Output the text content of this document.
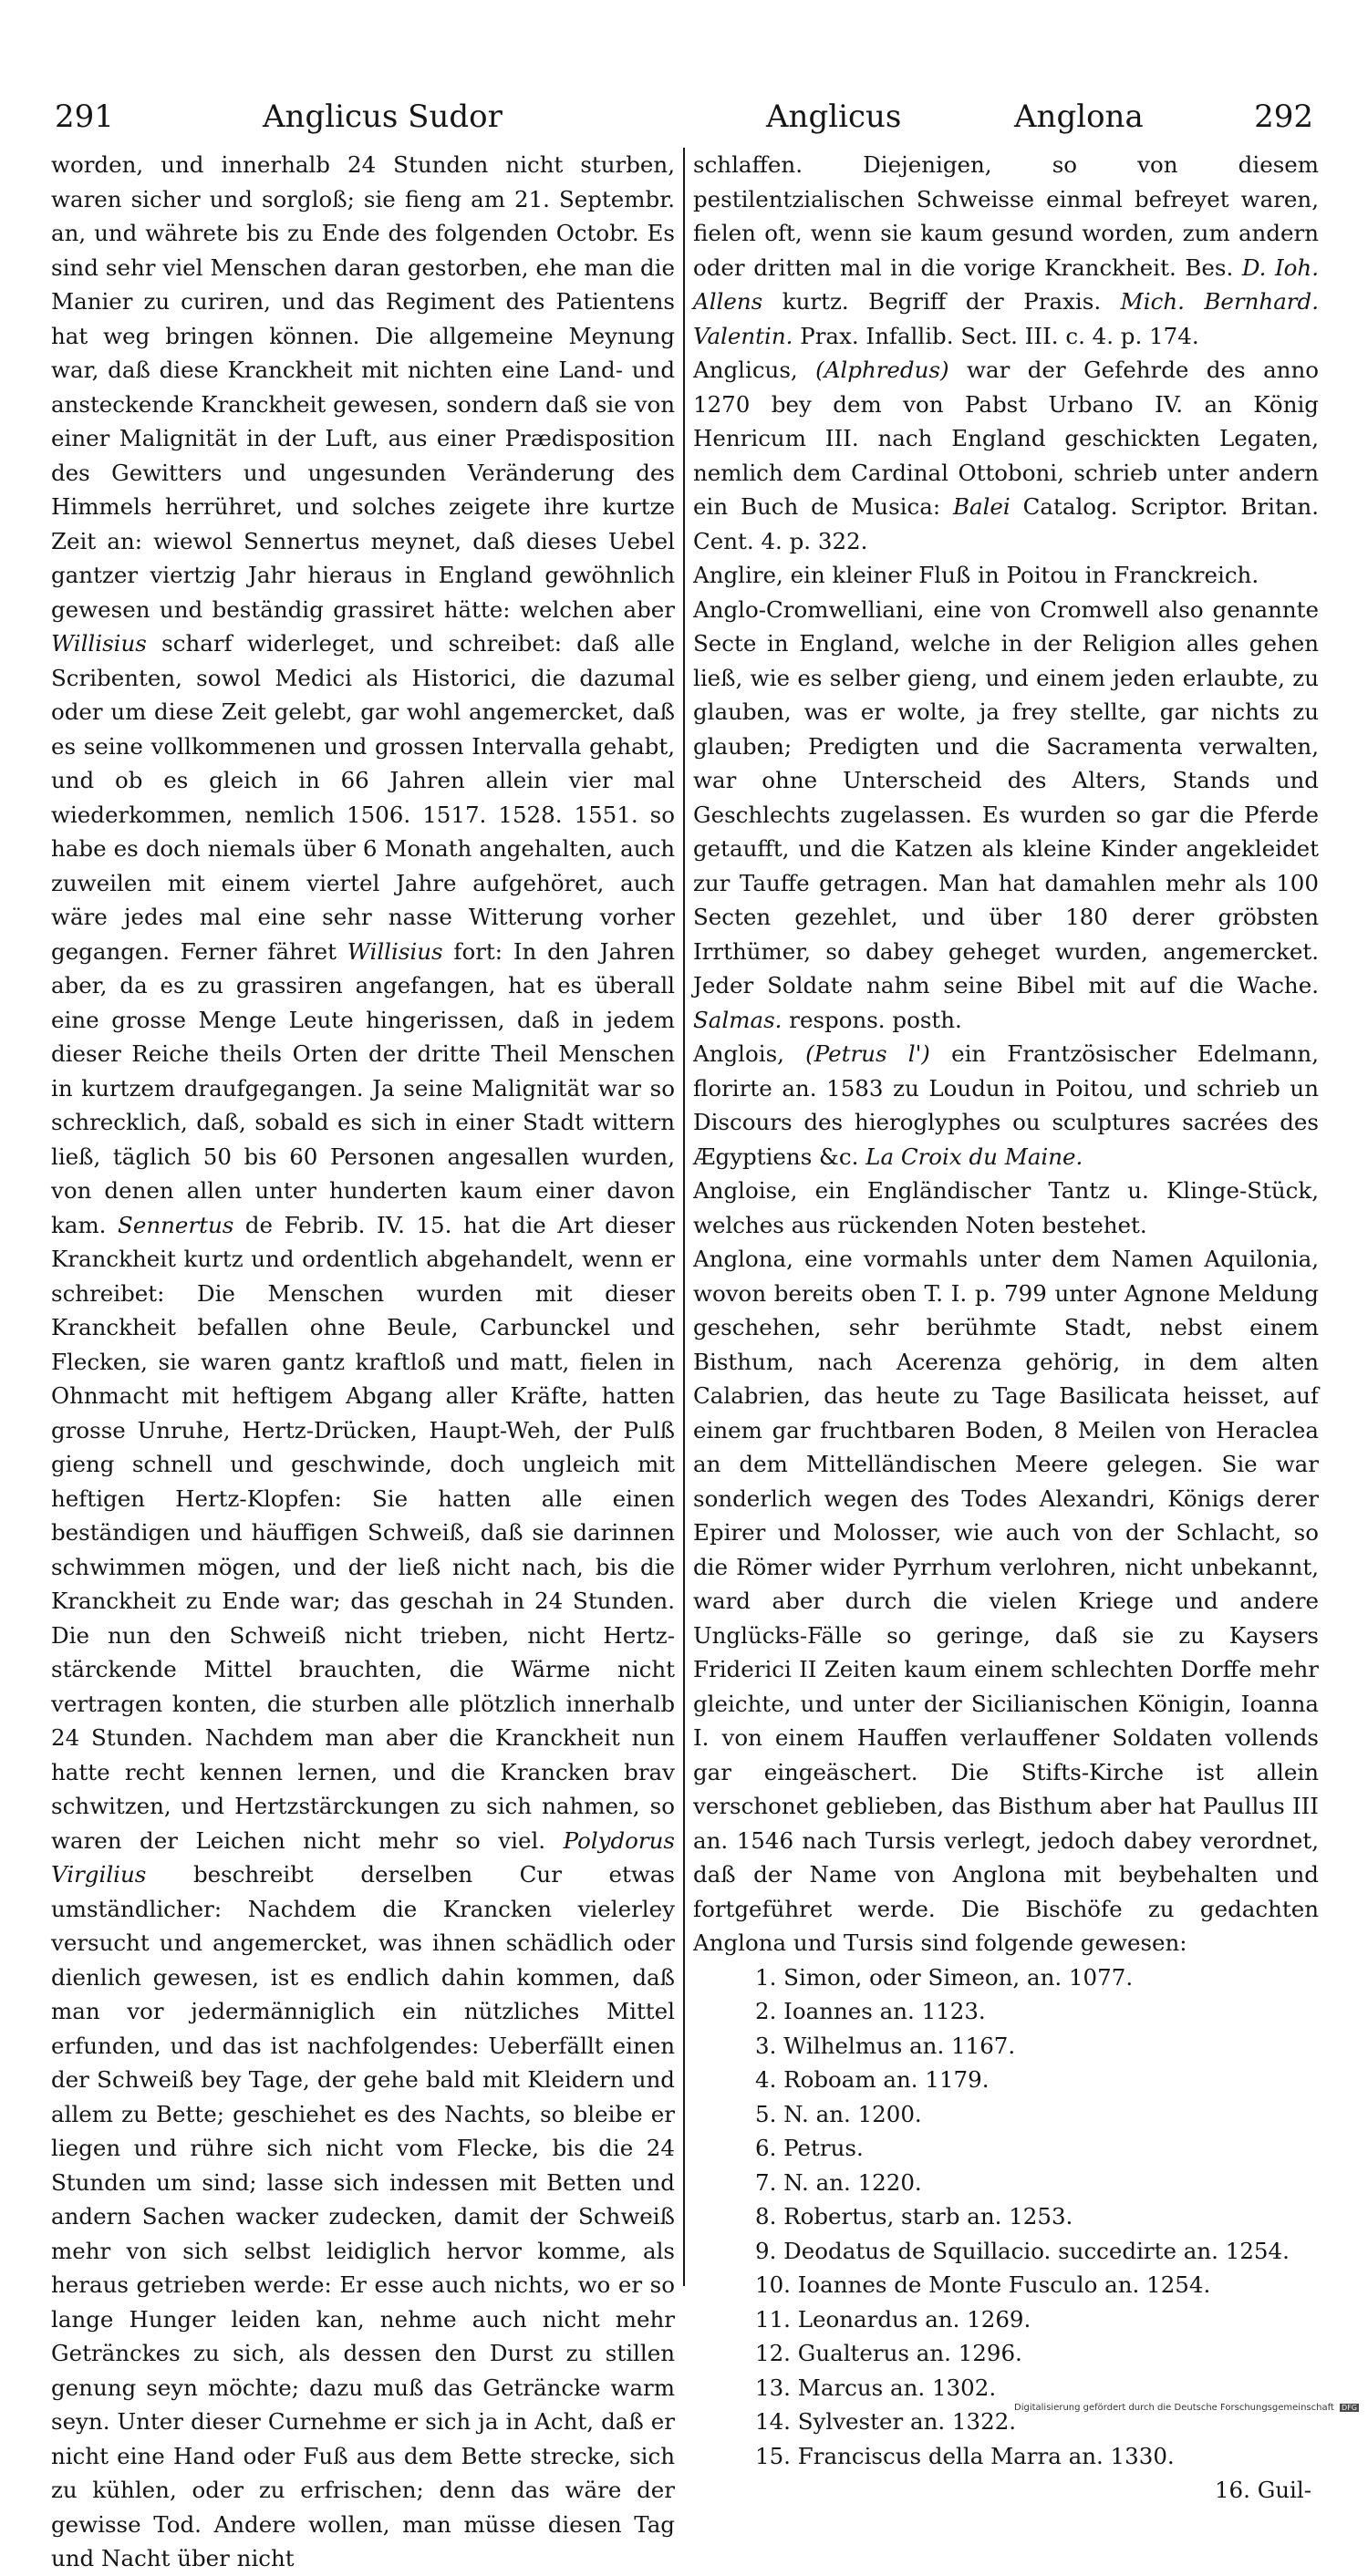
291	Anglicus Sudor	Anglicus	Anglona	292
worden, und innerhalb 24 Stunden nicht sturben, waren sicher und sorgloß; sie fieng am 21. Septembr. an, und währete bis zu Ende des folgenden Octobr. Es sind sehr viel Menschen daran gestorben, ehe man die Manier zu curiren, und das Regiment des Patientens hat weg bringen können. Die allgemeine Meynung war, daß diese Kranckheit mit nichten eine Land- und ansteckende Kranckheit gewesen, sondern daß sie von einer Malignität in der Luft, aus einer Prædisposition des Gewitters und ungesunden Veränderung des Himmels herrühret, und solches zeigete ihre kurtze Zeit an: wiewol Sennertus meynet, daß dieses Uebel gantzer viertzig Jahr hieraus in England gewöhnlich gewesen und beständig grassiret hätte: welchen aber Willisius scharf widerleget, und schreibet: daß alle Scribenten, sowol Medici als Historici, die dazumal oder um diese Zeit gelebt, gar wohl angemercket, daß es seine vollkommenen und grossen Intervalla gehabt, und ob es gleich in 66 Jahren allein vier mal wiederkommen, nemlich 1506. 1517. 1528. 1551. so habe es doch niemals über 6 Monath angehalten, auch zuweilen mit einem viertel Jahre aufgehöret, auch wäre jedes mal eine sehr nasse Witterung vorher gegangen. Ferner fähret Willisius fort: In den Jahren aber, da es zu grassiren angefangen, hat es überall eine grosse Menge Leute hingerissen, daß in jedem dieser Reiche theils Orten der dritte Theil Menschen in kurtzem draufgegangen. Ja seine Malignität war so schrecklich, daß, sobald es sich in einer Stadt wittern ließ, täglich 50 bis 60 Personen angesallen wurden, von denen allen unter hunderten kaum einer davon kam. Sennertus de Febrib. IV. 15. hat die Art dieser Kranckheit kurtz und ordentlich abgehandelt, wenn er schreibet: Die Menschen wurden mit dieser Kranckheit befallen ohne Beule, Carbunckel und Flecken, sie waren gantz kraftloß und matt, fielen in Ohnmacht mit heftigem Abgang aller Kräfte, hatten grosse Unruhe, Hertz-Drücken, Haupt-Weh, der Pulß gieng schnell und geschwinde, doch ungleich mit heftigen Hertz-Klopfen: Sie hatten alle einen beständigen und häuffigen Schweiß, daß sie darinnen schwimmen mögen, und der ließ nicht nach, bis die Kranckheit zu Ende war; das geschah in 24 Stunden. Die nun den Schweiß nicht trieben, nicht Hertz-stärckende Mittel brauchten, die Wärme nicht vertragen konten, die sturben alle plötzlich innerhalb 24 Stunden. Nachdem man aber die Kranckheit nun hatte recht kennen lernen, und die Krancken brav schwitzen, und Hertzstärckungen zu sich nahmen, so waren der Leichen nicht mehr so viel. Polydorus Virgilius beschreibt derselben Cur etwas umständlicher: Nachdem die Krancken vielerley versucht und angemercket, was ihnen schädlich oder dienlich gewesen, ist es endlich dahin kommen, daß man vor jedermänniglich ein nützliches Mittel erfunden, und das ist nachfolgendes: Ueberfällt einen der Schweiß bey Tage, der gehe bald mit Kleidern und allem zu Bette; geschiehet es des Nachts, so bleibe er liegen und rühre sich nicht vom Flecke, bis die 24 Stunden um sind; lasse sich indessen mit Betten und andern Sachen wacker zudecken, damit der Schweiß mehr von sich selbst leidiglich hervor komme, als heraus getrieben werde: Er esse auch nichts, wo er so lange Hunger leiden kan, nehme auch nicht mehr Getränckes zu sich, als dessen den Durst zu stillen genung seyn möchte; dazu muß das Geträncke warm seyn. Unter dieser Curnehme er sich ja in Acht, daß er nicht eine Hand oder Fuß aus dem Bette strecke, sich zu kühlen, oder zu erfrischen; denn das wäre der gewisse Tod. Andere wollen, man müsse diesen Tag und Nacht über nicht
schlaffen. Diejenigen, so von diesem pestilentzialischen Schweisse einmal befreyet waren, fielen oft, wenn sie kaum gesund worden, zum andern oder dritten mal in die vorige Kranckheit. Bes. D. Ioh. Allens kurtz. Begriff der Praxis. Mich. Bernhard. Valentin. Prax. Infallib. Sect. III. c. 4. p. 174.
Anglicus, (Alphredus) war der Gefehrde des anno 1270 bey dem von Pabst Urbano IV. an König Henricum III. nach England geschickten Legaten, nemlich dem Cardinal Ottoboni, schrieb unter andern ein Buch de Musica: Balei Catalog. Scriptor. Britan. Cent. 4. p. 322.
Anglire, ein kleiner Fluß in Poitou in Franckreich.
Anglo-Cromwelliani, eine von Cromwell also genannte Secte in England, welche in der Religion alles gehen ließ, wie es selber gieng, und einem jeden erlaubte, zu glauben, was er wolte, ja frey stellte, gar nichts zu glauben; Predigten und die Sacramenta verwalten, war ohne Unterscheid des Alters, Stands und Geschlechts zugelassen. Es wurden so gar die Pferde getaufft, und die Katzen als kleine Kinder angekleidet zur Tauffe getragen. Man hat damahlen mehr als 100 Secten gezehlet, und über 180 derer gröbsten Irrthümer, so dabey geheget wurden, angemercket. Jeder Soldate nahm seine Bibel mit auf die Wache. Salmas. respons. posth.
Anglois, (Petrus l') ein Frantzösischer Edelmann, florirte an. 1583 zu Loudun in Poitou, und schrieb un Discours des hieroglyphes ou sculptures sacrées des Ægyptiens &c. La Croix du Maine.
Angloise, ein Engländischer Tantz u. Klinge-Stück, welches aus rückenden Noten bestehet.
Anglona, eine vormahls unter dem Namen Aquilonia, wovon bereits oben T. I. p. 799 unter Agnone Meldung geschehen, sehr berühmte Stadt, nebst einem Bisthum, nach Acerenza gehörig, in dem alten Calabrien, das heute zu Tage Basilicata heisset, auf einem gar fruchtbaren Boden, 8 Meilen von Heraclea an dem Mittelländischen Meere gelegen. Sie war sonderlich wegen des Todes Alexandri, Königs derer Epirer und Molosser, wie auch von der Schlacht, so die Römer wider Pyrrhum verlohren, nicht unbekannt, ward aber durch die vielen Kriege und andere Unglücks-Fälle so geringe, daß sie zu Kaysers Friderici II Zeiten kaum einem schlechten Dorffe mehr gleichte, und unter der Sicilianischen Königin, Ioanna I. von einem Hauffen verlauffener Soldaten vollends gar eingeäschert. Die Stifts-Kirche ist allein verschonet geblieben, das Bisthum aber hat Paullus III an. 1546 nach Tursis verlegt, jedoch dabey verordnet, daß der Name von Anglona mit beybehalten und fortgeführet werde. Die Bischöfe zu gedachten Anglona und Tursis sind folgende gewesen:
1. Simon, oder Simeon, an. 1077.
2. Ioannes an. 1123.
3. Wilhelmus an. 1167.
4. Roboam an. 1179.
5. N. an. 1200.
6. Petrus.
7. N. an. 1220.
8. Robertus, starb an. 1253.
9. Deodatus de Squillacio. succedirte an. 1254.
10. Ioannes de Monte Fusculo an. 1254.
11. Leonardus an. 1269.
12. Gualterus an. 1296.
13. Marcus an. 1302.
14. Sylvester an. 1322.
15. Franciscus della Marra an. 1330.
16. Guil-
Digitalisierung gefördert durch die Deutsche Forschungsgemeinschaft DFG
